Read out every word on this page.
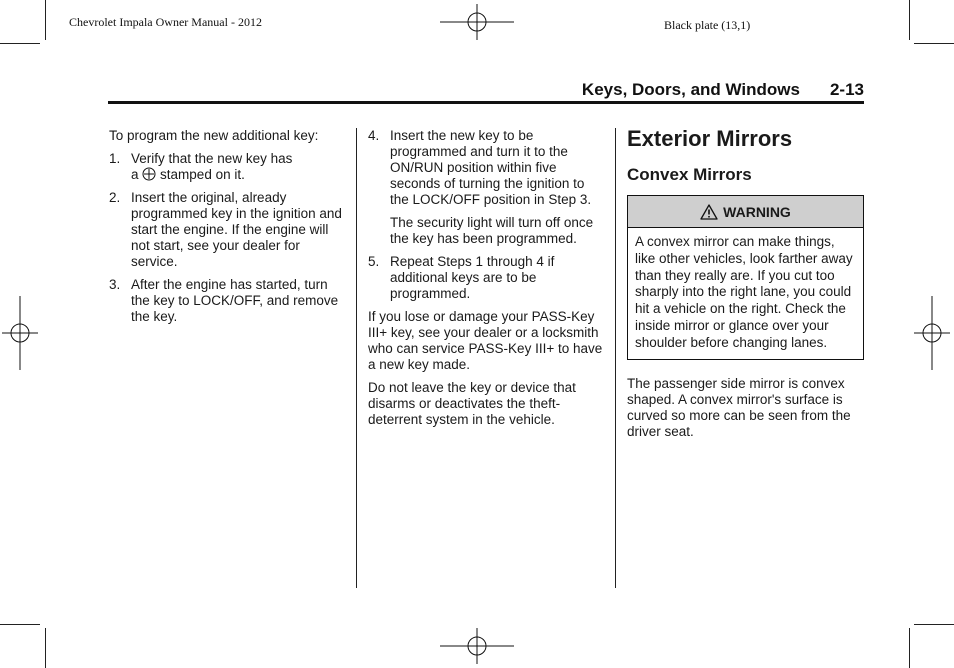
Chevrolet Impala Owner Manual - 2012	Black plate (13,1)
Keys, Doors, and Windows 2-13

To program the new additional key:

1. Verify that the new key has
a stamped on it.
2. Insert the original, already programmed key in the ignition and start the engine. If the engine will not start, see your dealer for service.
3. After the engine has started, turn the key to LOCK/OFF, and remove the key.
4. Insert the new key to be programmed and turn it to the ON/RUN position within five seconds of turning the ignition to the LOCK/OFF position in Step 3.
The security light will turn off once the key has been programmed.
5. Repeat Steps 1 through 4 if additional keys are to be programmed.

If you lose or damage your PASS-Key III+ key, see your dealer or a locksmith who can service PASS-Key III+ to have a new key made.

Do not leave the key or device that disarms or deactivates the theft-deterrent system in the vehicle.

Exterior Mirrors
Convex Mirrors
WARNING
A convex mirror can make things, like other vehicles, look farther away than they really are. If you cut too sharply into the right lane, you could hit a vehicle on the right. Check the inside mirror or glance over your shoulder before changing lanes.

The passenger side mirror is convex shaped. A convex mirror's surface is curved so more can be seen from the driver seat.
